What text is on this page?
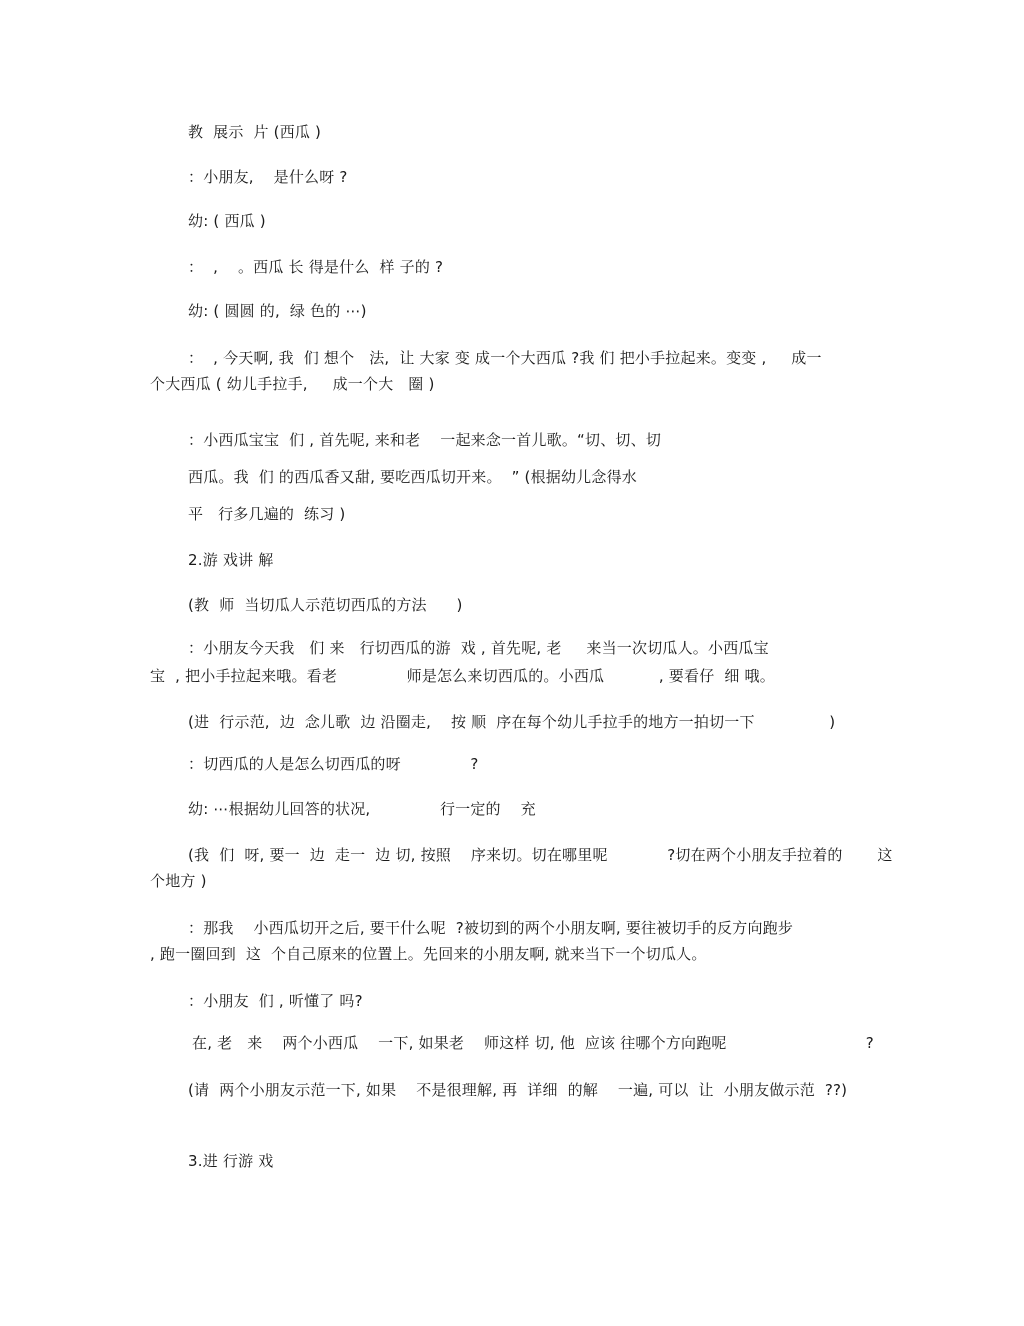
教  展示  片 (西瓜 )

：小朋友,    是什么呀 ?

幼: ( 西瓜 )

：  ,    。西瓜 长 得是什么  样 子的 ?

幼: ( 圆圆 的,  绿 色的 ⋯)

：  , 今天啊, 我  们 想个   法,  让 大家 变 成一个大西瓜 ?我 们 把小手拉起来。变变 ,     成一

个大西瓜 ( 幼儿手拉手,     成一个大   圈 )

：小西瓜宝宝  们 , 首先呢, 来和老    一起来念一首儿歌。“切、切、切

西瓜。我  们 的西瓜香又甜, 要吃西瓜切开来。  ” (根据幼儿念得水

平   行多几遍的  练习 )

2.游 戏讲 解

(教  师  当切瓜人示范切西瓜的方法      )

：小朋友今天我   们 来   行切西瓜的游  戏 , 首先呢, 老     来当一次切瓜人。小西瓜宝

宝  , 把小手拉起来哦。看老              师是怎么来切西瓜的。小西瓜           , 要看仔  细 哦。

(进  行示范,  边  念儿歌  边 沿圈走,    按 顺  序在每个幼儿手拉手的地方一拍切一下               )

：切西瓜的人是怎么切西瓜的呀              ?

幼: ⋯根据幼儿回答的状况,              行一定的    充

(我  们  呀, 要一  边  走一  边 切, 按照    序来切。切在哪里呢            ?切在两个小朋友手拉着的       这

个地方 )

：那我    小西瓜切开之后, 要干什么呢  ?被切到的两个小朋友啊, 要往被切手的反方向跑步

, 跑一圈回到  这  个自己原来的位置上。先回来的小朋友啊, 就来当下一个切瓜人。

：小朋友  们 , 听懂了 吗?

在, 老   来    两个小西瓜    一下, 如果老    师这样 切, 他  应该 往哪个方向跑呢                            ?

(请  两个小朋友示范一下, 如果    不是很理解, 再  详细  的解    一遍, 可以  让  小朋友做示范  ??)

3.进 行游 戏
